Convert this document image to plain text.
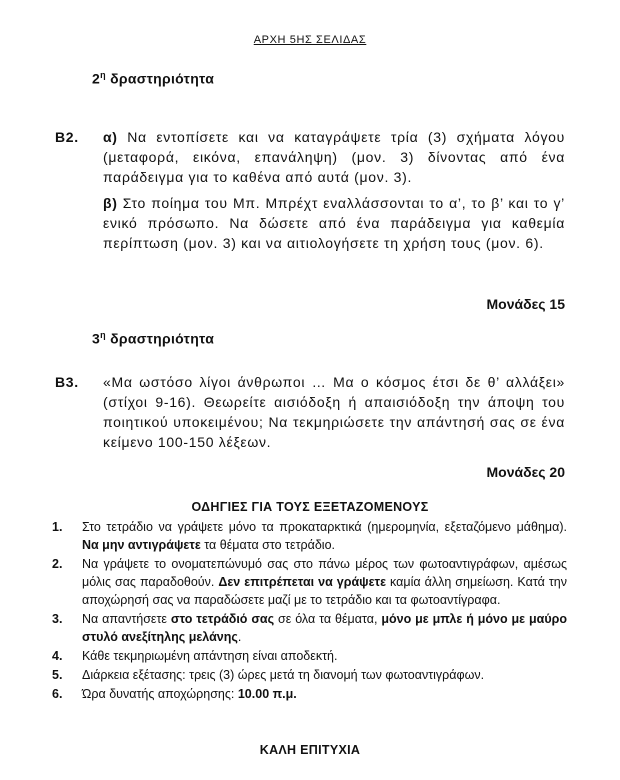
ΑΡΧΗ 5ΗΣ ΣΕΛΙΔΑΣ
$2^\eta$ δραστηριότητα
Β2. α) Να εντοπίσετε και να καταγράψετε τρία (3) σχήματα λόγου (μεταφορά, εικόνα, επανάληψη) (μον. 3) δίνοντας από ένα παράδειγμα για το καθένα από αυτά (μον. 3).

β) Στο ποίημα του Μπ. Μπρέχτ εναλλάσσονται το α’, το β’ και το γ’ ενικό πρόσωπο. Να δώσετε από ένα παράδειγμα για καθεμία περίπτωση (μον. 3) και να αιτιολογήσετε τη χρήση τους (μον. 6).

Μονάδες 15
$3^\eta$ δραστηριότητα
Β3. «Μα ωστόσο λίγοι άνθρωποι … Μα ο κόσμος έτσι δε θ’ αλλάξει» (στίχοι 9-16). Θεωρείτε αισιόδοξη ή απαισιόδοξη την άποψη του ποιητικού υποκειμένου; Να τεκμηριώσετε την απάντησή σας σε ένα κείμενο 100-150 λέξεων.

Μονάδες 20
ΟΔΗΓΙΕΣ ΓΙΑ ΤΟΥΣ ΕΞΕΤΑΖΟΜΕΝΟΥΣ
1. Στο τετράδιο να γράψετε μόνο τα προκαταρκτικά (ημερομηνία, εξεταζόμενο μάθημα). Να μην αντιγράψετε τα θέματα στο τετράδιο.
2. Να γράψετε το ονοματεπώνυμό σας στο πάνω μέρος των φωτοαντιγράφων, αμέσως μόλις σας παραδοθούν. Δεν επιτρέπεται να γράψετε καμία άλλη σημείωση. Κατά την αποχώρησή σας να παραδώσετε μαζί με το τετράδιο και τα φωτοαντίγραφα.
3. Να απαντήσετε στο τετράδιό σας σε όλα τα θέματα, μόνο με μπλε ή μόνο με μαύρο στυλό ανεξίτηλης μελάνης.
4. Κάθε τεκμηριωμένη απάντηση είναι αποδεκτή.
5. Διάρκεια εξέτασης: τρεις (3) ώρες μετά τη διανομή των φωτοαντιγράφων.
6. Ώρα δυνατής αποχώρησης: 10.00 π.μ.
ΚΑΛΗ ΕΠΙΤΥΧΙΑ
